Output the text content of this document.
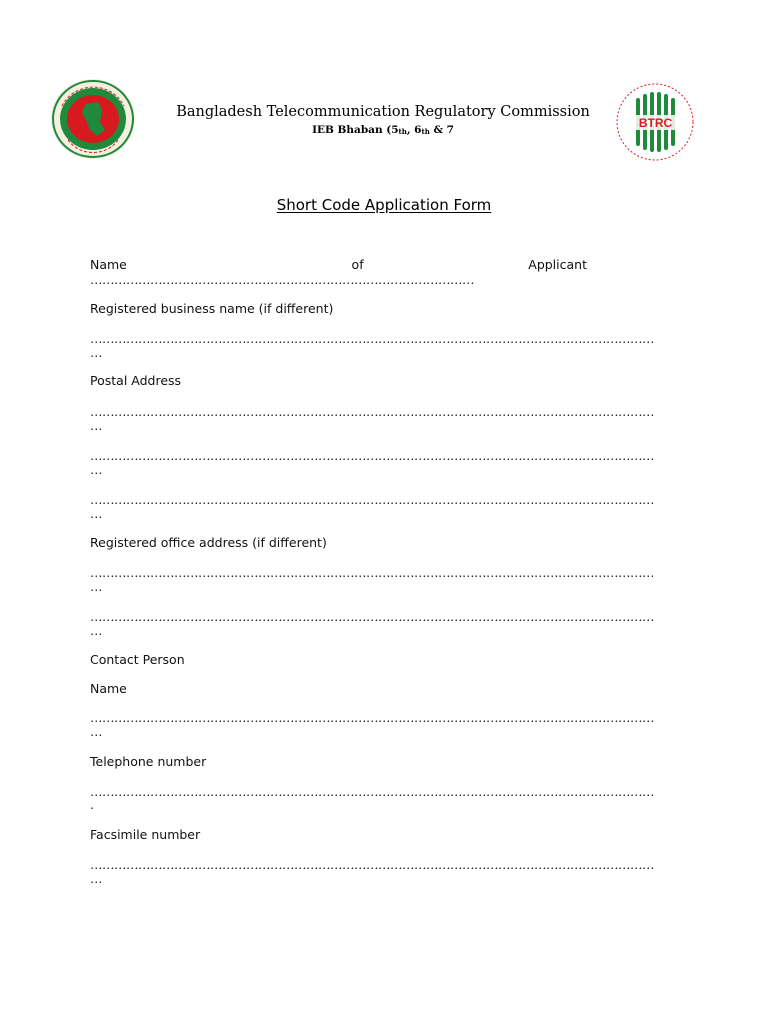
Bangladesh Telecommunication Regulatory Commission
IEB Bhaban ($5_{th}$, $6_{th}$ & 7	BTRC
Short Code Application Form
Name	of	Applicant
……………………………………………………………………………………
Registered business name (if different)
……………………………………………………………………………………………………………………………
…
Postal Address
……………………………………………………………………………………………………………………………
…
……………………………………………………………………………………………………………………………
…
……………………………………………………………………………………………………………………………
…
Registered office address (if different)
……………………………………………………………………………………………………………………………
…
……………………………………………………………………………………………………………………………
…
Contact Person
Name
……………………………………………………………………………………………………………………………
…
Telephone number
……………………………………………………………………………………………………………………………
.
Facsimile number
……………………………………………………………………………………………………………………………
…
